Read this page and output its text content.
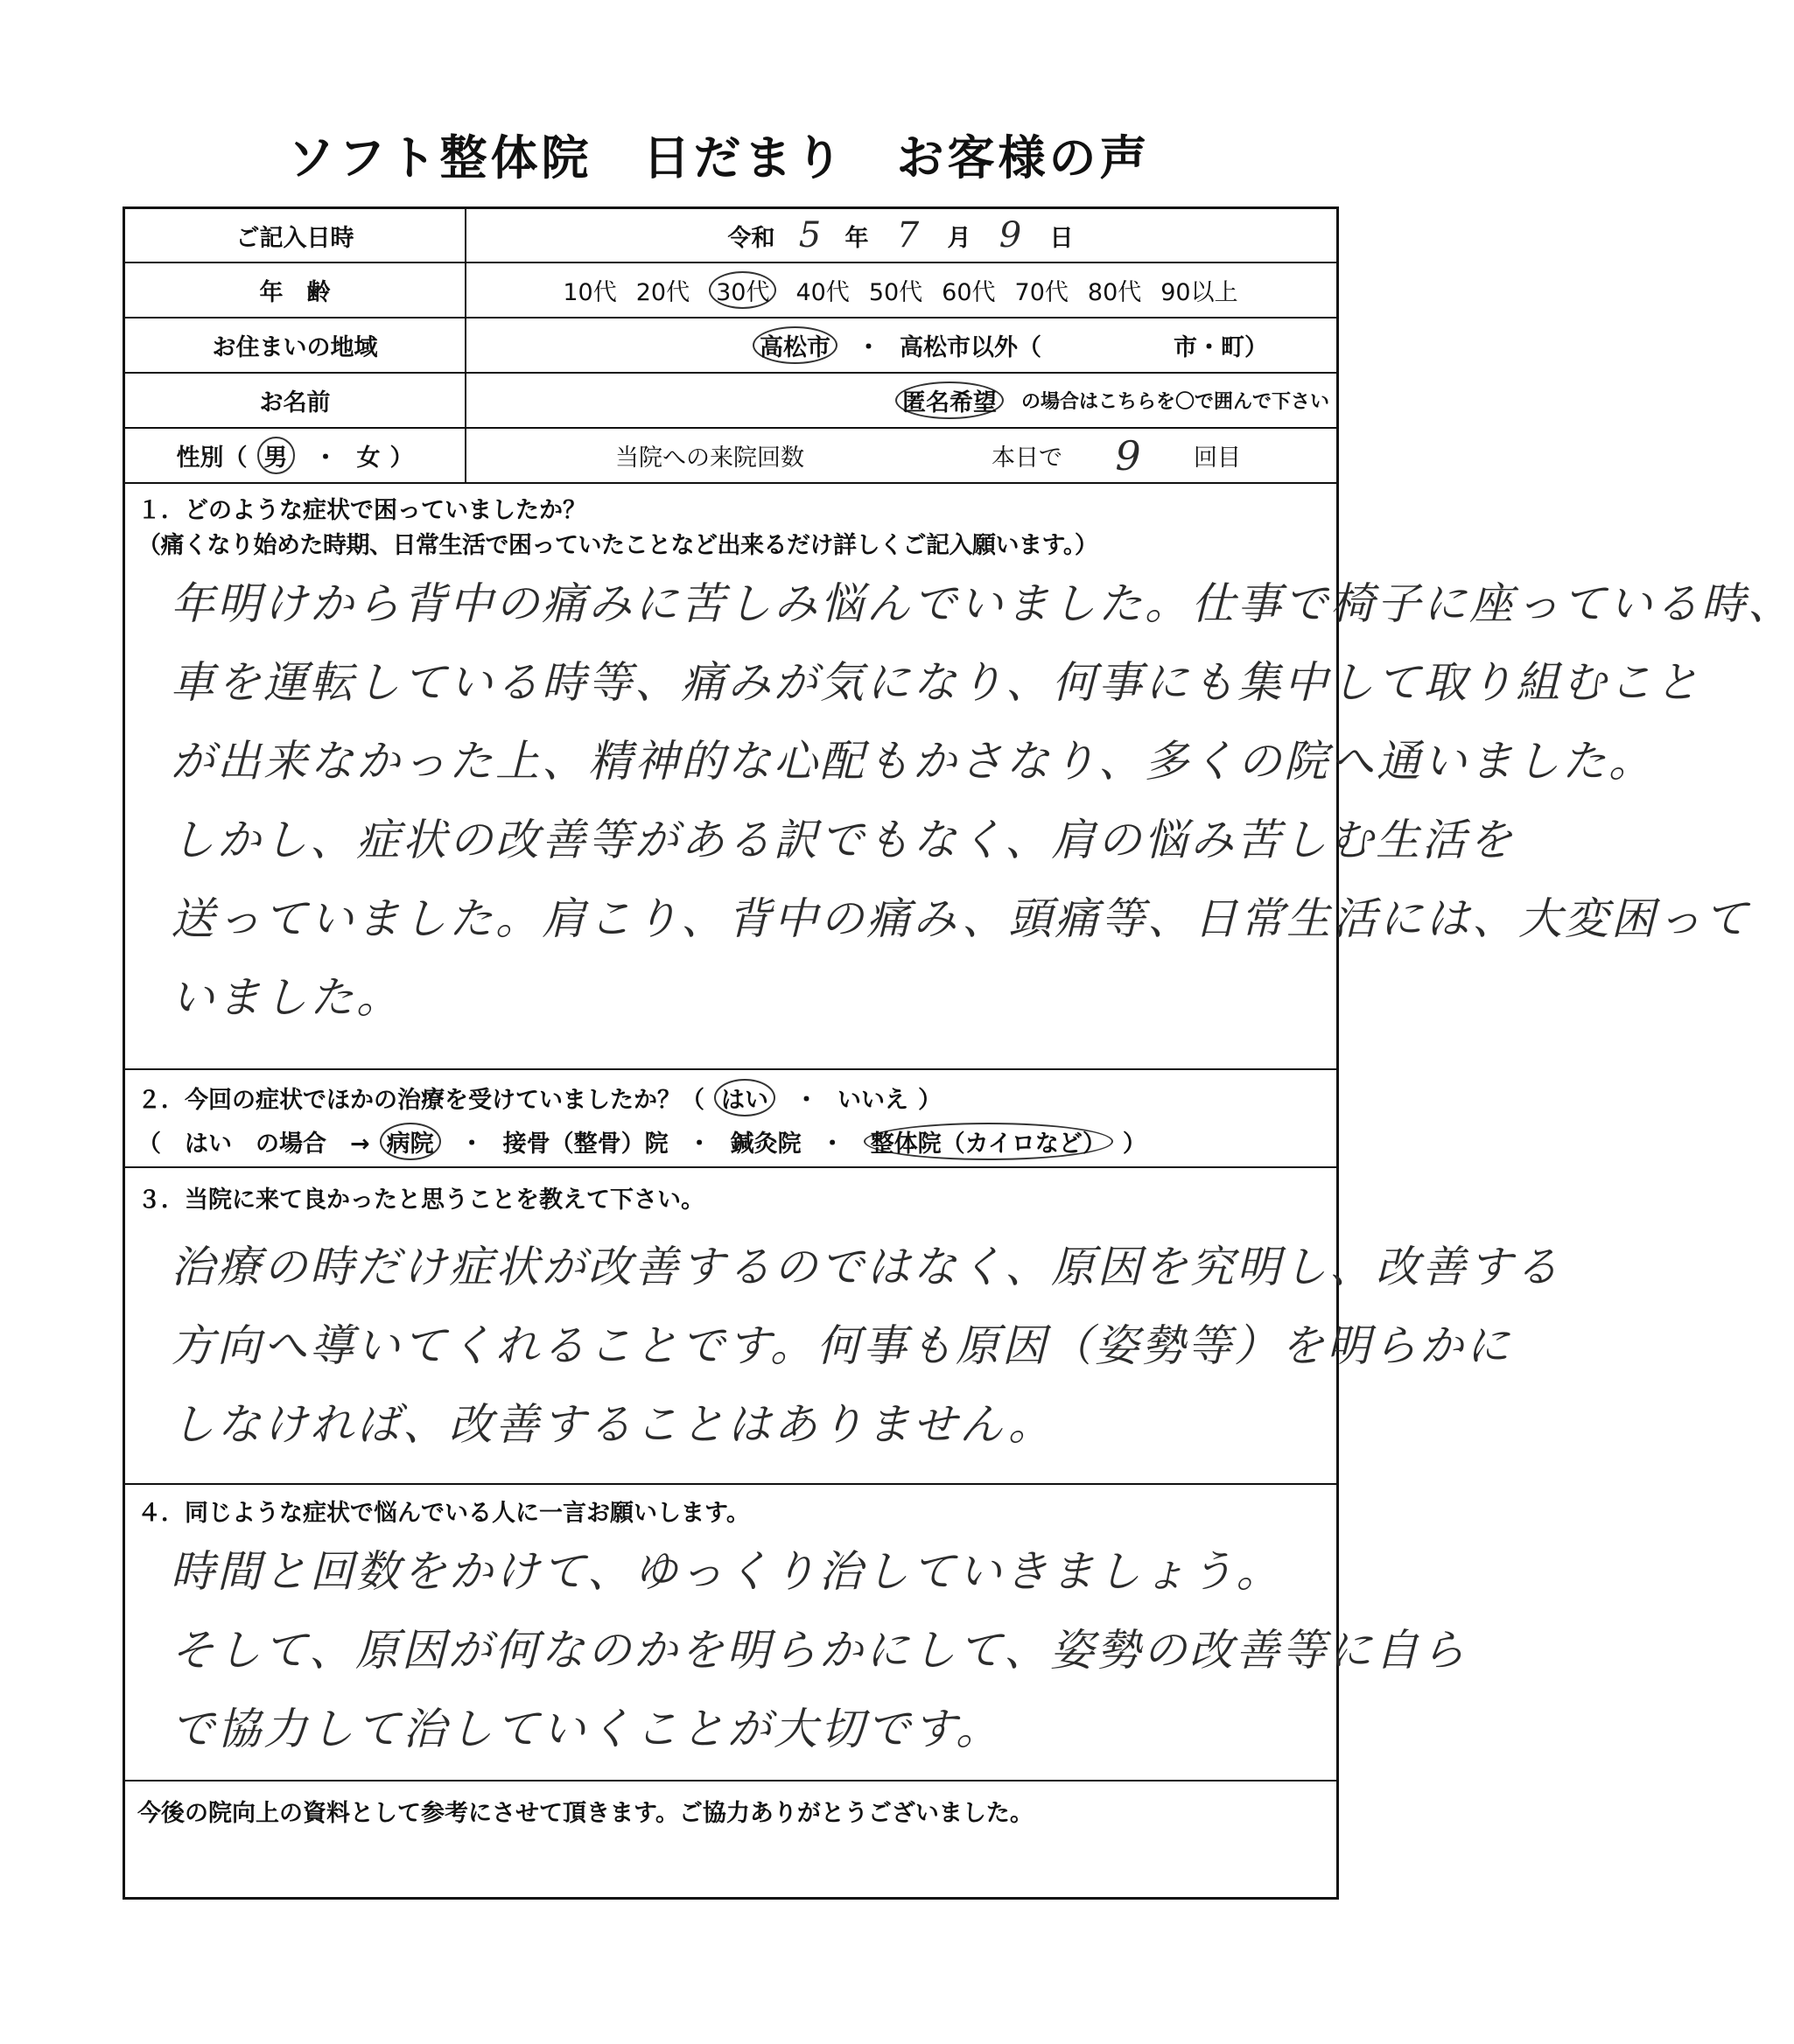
ソフト整体院　日だまり　お客様の声
ご記入日時	令和 5	年 7	月 9	日
年　齢	10代 20代 30代 40代 50代 60代 70代 80代 90以上
お住まいの地域	高松市 ・ 高松市以外（	市・町）
お名前	匿名希望	の場合はこちらを〇で囲んで下さい
性別（ 男 ・ 女 ）	当院への来院回数	本日で	9	回目
１．どのような症状で困っていましたか？
（痛くなり始めた時期、日常生活で困っていたことなど出来るだけ詳しくご記入願います。）
年明けから背中の痛みに苦しみ悩んでいました。仕事で椅子に座っている時、
車を運転している時等、痛みが気になり、何事にも集中して取り組むこと
が出来なかった上、精神的な心配もかさなり、多くの院へ通いました。
しかし、症状の改善等がある訳でもなく、肩の悩み苦しむ生活を
送っていました。肩こり、背中の痛み、頭痛等、日常生活には、大変困って
いました。
２．今回の症状でほかの治療を受けていましたか？（ はい ・ いいえ ）
（　はい　の場合　→ 病院 ・ 接骨（整骨）院 ・ 鍼灸院 ・ 整体院（カイロなど） ）
３．当院に来て良かったと思うことを教えて下さい。
治療の時だけ症状が改善するのではなく、原因を究明し、改善する
方向へ導いてくれることです。何事も原因（姿勢等）を明らかに
しなければ、改善することはありません。
４．同じような症状で悩んでいる人に一言お願いします。
時間と回数をかけて、ゆっくり治していきましょう。
そして、原因が何なのかを明らかにして、姿勢の改善等に自ら
で協力して治していくことが大切です。
今後の院向上の資料として参考にさせて頂きます。ご協力ありがとうございました。
